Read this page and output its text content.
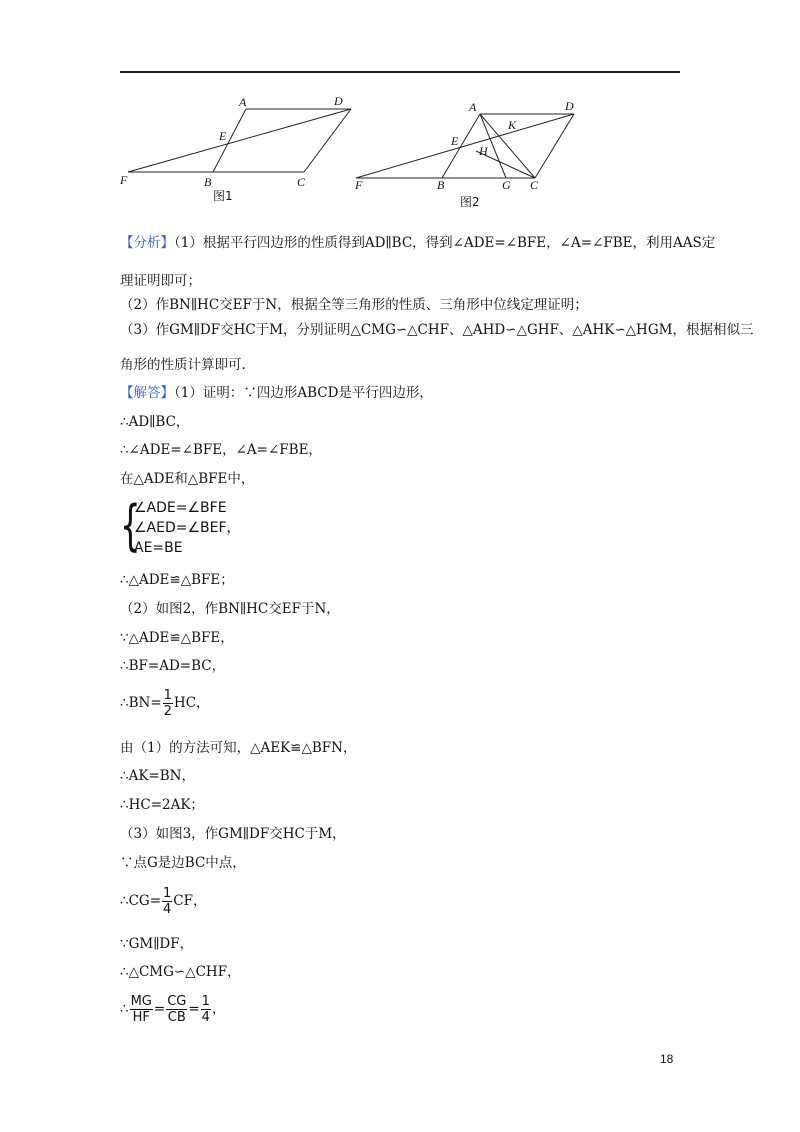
A	D
E
F	B	C
图1
A	D
K
E
H
F	B	G C
图2
【分析】（1）根据平行四边形的性质得到AD∥BC，得到∠ADE=∠BFE，∠A=∠FBE，利用AAS定
理证明即可；
（2）作BN∥HC交EF于N，根据全等三角形的性质、三角形中位线定理证明；
（3）作GM∥DF交HC于M，分别证明△CMG∽△CHF、△AHD∽△GHF、△AHK∽△HGM，根据相似三
角形的性质计算即可.
【解答】（1）证明：∵四边形ABCD是平行四边形，
∴AD∥BC，
∴∠ADE=∠BFE，∠A=∠FBE，
在△ADE和△BFE中，
{
∠ADE=∠BFE
∠AED=∠BEF，
AE=BE
∴△ADE≌△BFE；
（2）如图2，作BN∥HC交EF于N，
∵△ADE≌△BFE，
∴BF=AD=BC，
∴BN= $\frac{1}{2}$ HC，
由（1）的方法可知，△AEK≌△BFN，
∴AK=BN，
∴HC=2AK；
（3）如图3，作GM∥DF交HC于M，
∵点G是边BC中点，
∴CG= $\frac{1}{4}$ CF，
∵GM∥DF，
∴△CMG∽△CHF，
∴ $\frac{MG}{HF} = \frac{CG}{CB} = \frac{1}{4}$ ，
18
